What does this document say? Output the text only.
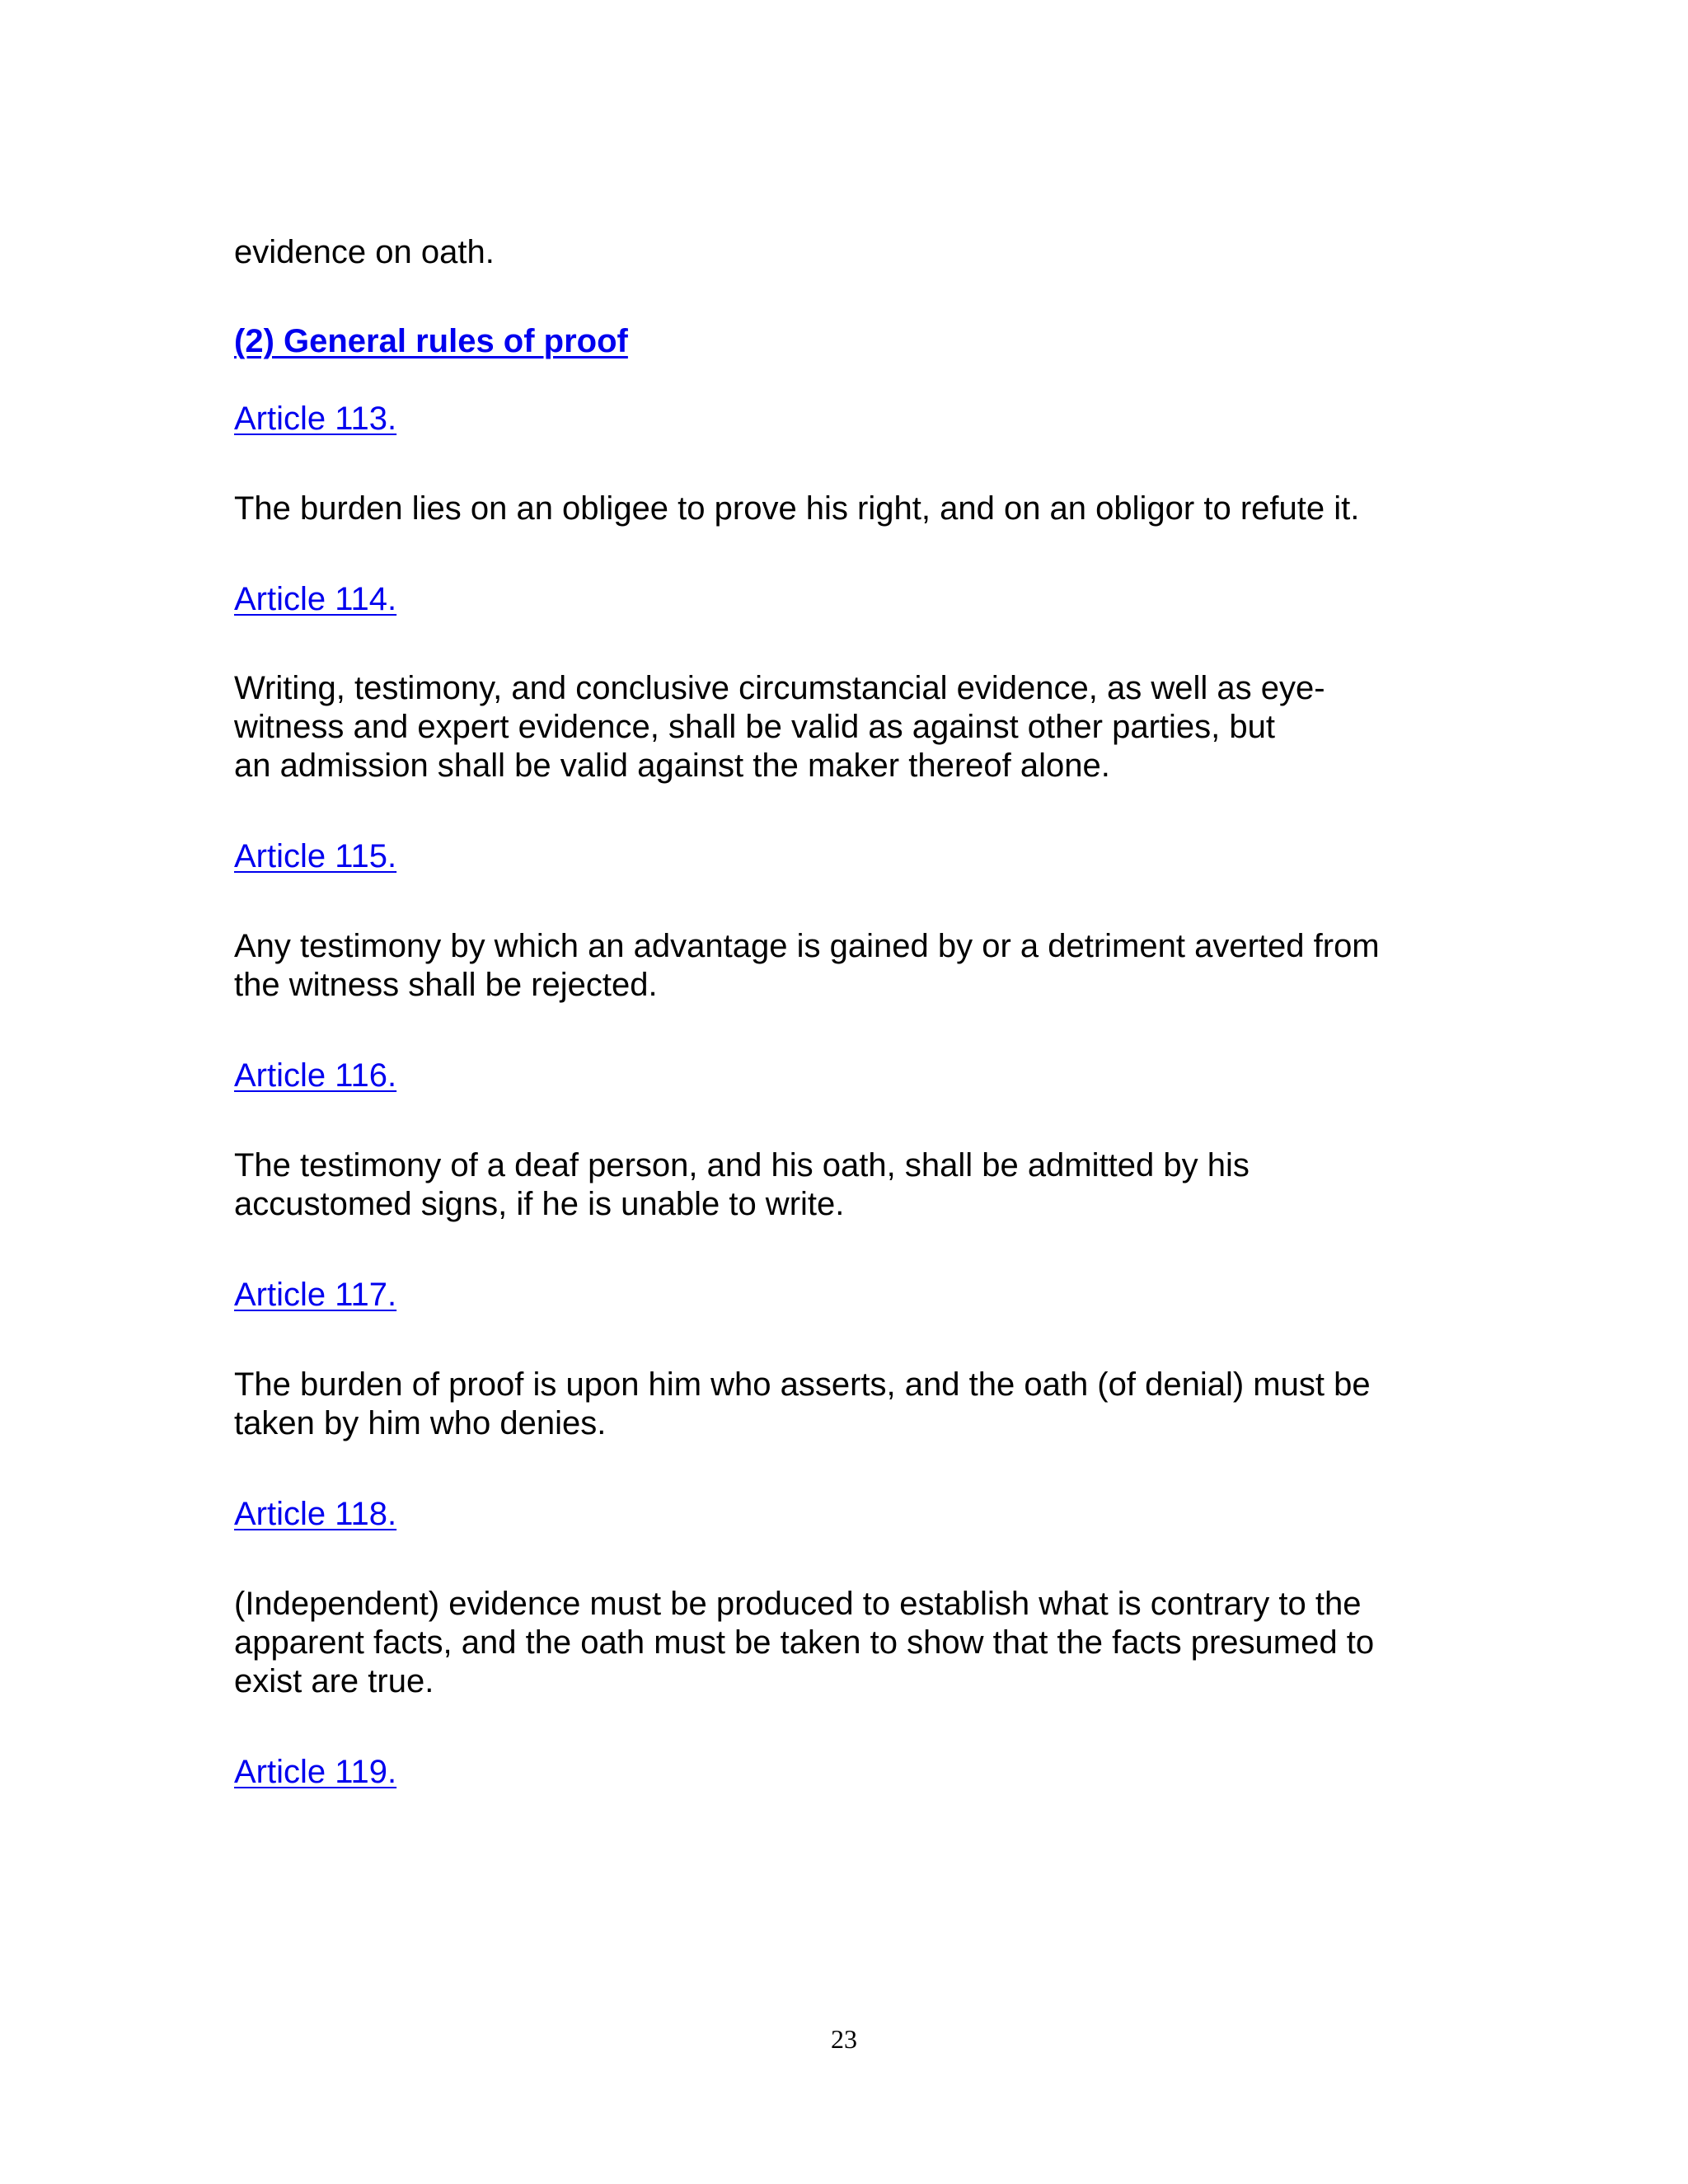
evidence on oath.
(2) General rules of proof
Article 113.
The burden lies on an obligee to prove his right, and on an obligor to refute it.
Article 114.
Writing, testimony, and conclusive circumstancial evidence, as well as eye-
witness and expert evidence, shall be valid as against other parties, but
an admission shall be valid against the maker thereof alone.
Article 115.
Any testimony by which an advantage is gained by or a detriment averted from
the witness shall be rejected.
Article 116.
The testimony of a deaf person, and his oath, shall be admitted by his
accustomed signs, if he is unable to write.
Article 117.
The burden of proof is upon him who asserts, and the oath (of denial) must be
taken by him who denies.
Article 118.
(Independent) evidence must be produced to establish what is contrary to the
apparent facts, and the oath must be taken to show that the facts presumed to
exist are true.
Article 119.
23
